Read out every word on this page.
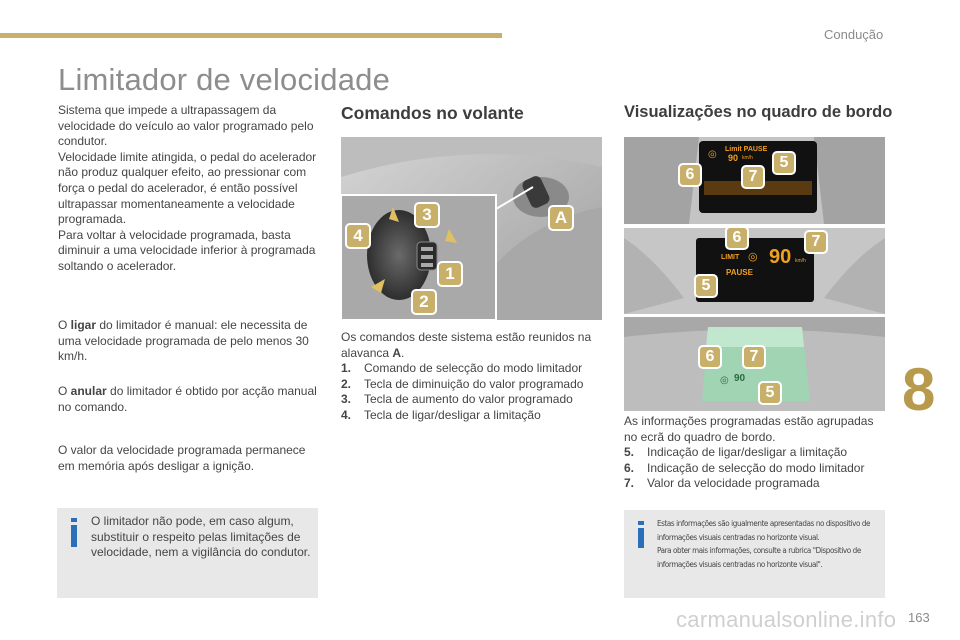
Condução
Limitador de velocidade

Sistema que impede a ultrapassagem da velocidade do veículo ao valor programado pelo condutor.

Velocidade limite atingida, o pedal do acelerador não produz qualquer efeito, ao pressionar com força o pedal do acelerador, é então possível ultrapassar momentaneamente a velocidade programada.

Para voltar à velocidade programada, basta diminuir a uma velocidade inferior à programada soltando o acelerador.

O ligar do limitador é manual: ele necessita de uma velocidade programada de pelo menos 30 km/h.
O anular do limitador é obtido por acção manual no comando.
O valor da velocidade programada permanece em memória após desligar a ignição.
O limitador não pode, em caso algum, substituir o respeito pelas limitações de velocidade, nem a vigilância do condutor.
Comandos no volante
A
1
2
3
4

Os comandos deste sistema estão reunidos na alavanca A.

1.	Comando de selecção do modo limitador
2.	Tecla de diminuição do valor programado
3.	Tecla de aumento do valor programado
4.	Tecla de ligar/desligar a limitação
Visualizações no quadro de bordo
◎ Limit PAUSE
90 km/h
6	7
5
LIMIT ◎ 90 km/h
PAUSE
6	7
5
◎ 90
6	7
5

As informações programadas estão agrupadas no ecrã do quadro de bordo.

5.	Indicação de ligar/desligar a limitação
6.	Indicação de selecção do modo limitador
7.	Valor da velocidade programada

Estas informações são igualmente apresentadas no dispositivo de informações visuais centradas no horizonte visual.

Para obter mais informações, consulte a rubrica "Dispositivo de informações visuais centradas no horizonte visual".

8
163
carmanualsonline.info
